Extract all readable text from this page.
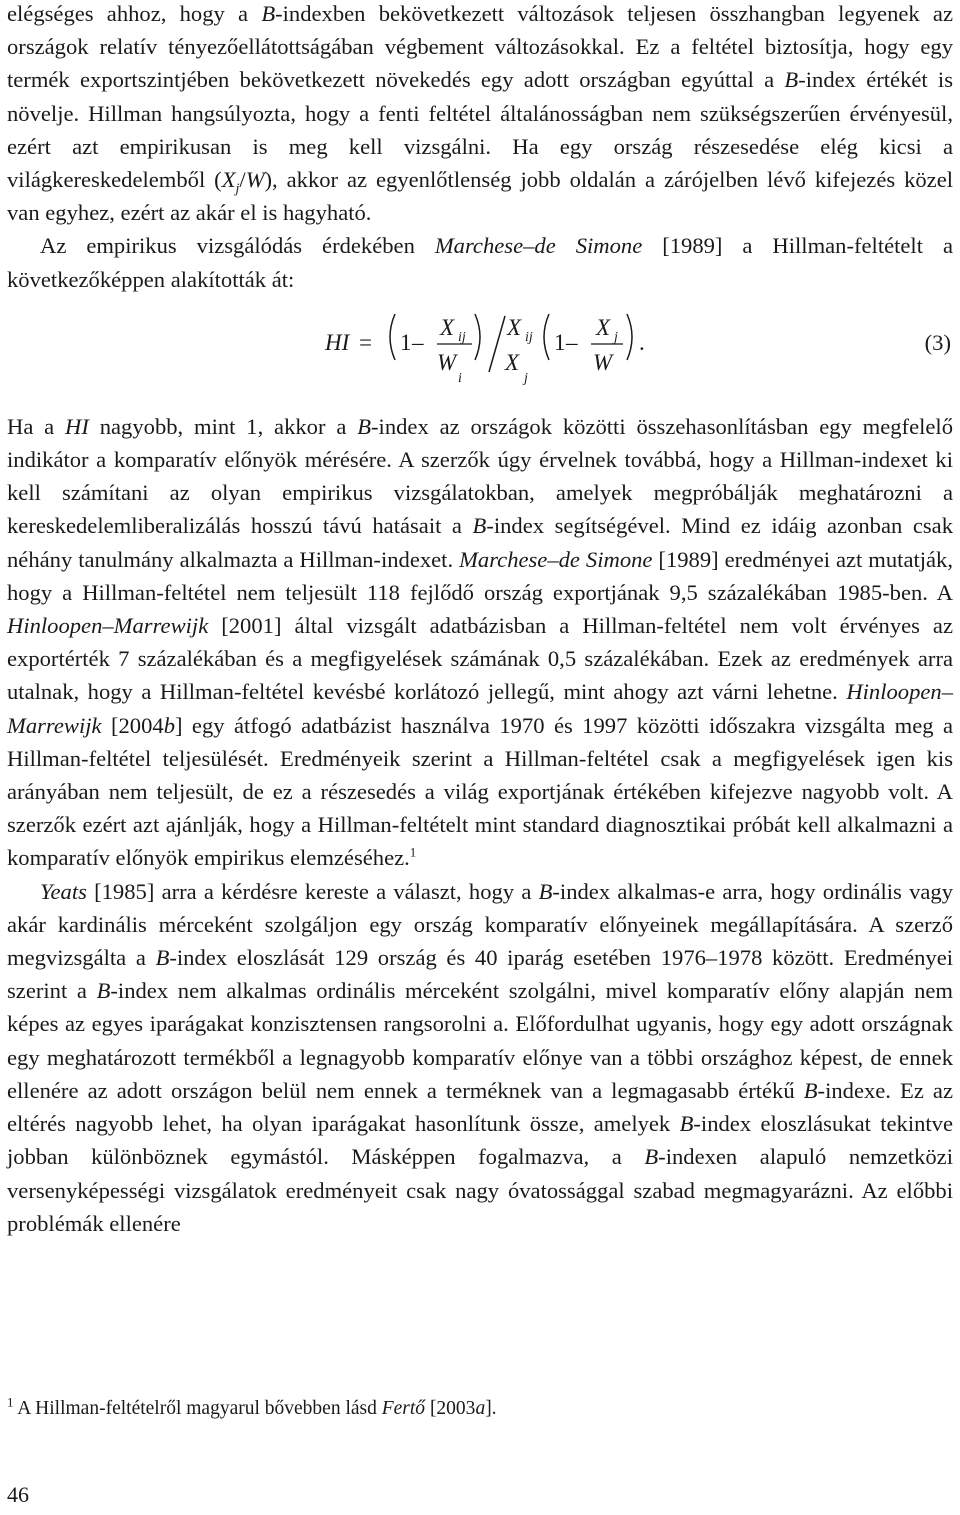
elégséges ahhoz, hogy a B-indexben bekövetkezett változások teljesen összhangban legyenek az országok relatív tényezőellátottságában végbement változásokkal. Ez a feltétel biztosítja, hogy egy termék exportszintjében bekövetkezett növekedés egy adott országban egyúttal a B-index értékét is növelje. Hillman hangsúlyozta, hogy a fenti feltétel általánosságban nem szükségszerűen érvényesül, ezért azt empirikusan is meg kell vizsgálni. Ha egy ország részesedése elég kicsi a világkereskedelemből $(X_j/W)$, akkor az egyenlőtlenség jobb oldalán a zárójelben lévő kifejezés közel van egyhez, ezért az akár el is hagyható.

Az empirikus vizsgálódás érdekében Marchese–de Simone [1989] a Hillman-feltételt a következőképpen alakították át:

HI = 1 –
X ij
W
i
X ij
X
j
1 –
X j
W
.	(3)

Ha a HI nagyobb, mint 1, akkor a B-index az országok közötti összehasonlításban egy megfelelő indikátor a komparatív előnyök mérésére. A szerzők úgy érvelnek továbbá, hogy a Hillman-indexet ki kell számítani az olyan empirikus vizsgálatokban, amelyek megpróbálják meghatározni a kereskedelemliberalizálás hosszú távú hatásait a B-index segítségével. Mind ez idáig azonban csak néhány tanulmány alkalmazta a Hillman-indexet. Marchese–de Simone [1989] eredményei azt mutatják, hogy a Hillman-feltétel nem teljesült 118 fejlődő ország exportjának 9,5 százalékában 1985-ben. A Hinloopen–Marrewijk [2001] által vizsgált adatbázisban a Hillman-feltétel nem volt érvényes az exportérték 7 százalékában és a megfigyelések számának 0,5 százalékában. Ezek az eredmények arra utalnak, hogy a Hillman-feltétel kevésbé korlátozó jellegű, mint ahogy azt várni lehetne. Hinloopen–Marrewijk [2004b] egy átfogó adatbázist használva 1970 és 1997 közötti időszakra vizsgálta meg a Hillman-feltétel teljesülését. Eredményeik szerint a Hillman-feltétel csak a megfigyelések igen kis arányában nem teljesült, de ez a részesedés a világ exportjának értékében kifejezve nagyobb volt. A szerzők ezért azt ajánlják, hogy a Hillman-feltételt mint standard diagnosztikai próbát kell alkalmazni a komparatív előnyök empirikus elemzéséhez.$^1$

Yeats [1985] arra a kérdésre kereste a választ, hogy a B-index alkalmas-e arra, hogy ordinális vagy akár kardinális mérceként szolgáljon egy ország komparatív előnyeinek megállapítására. A szerző megvizsgálta a B-index eloszlását 129 ország és 40 iparág esetében 1976–1978 között. Eredményei szerint a B-index nem alkalmas ordinális mérceként szolgálni, mivel komparatív előny alapján nem képes az egyes iparágakat konzisztensen rangsorolni a. Előfordulhat ugyanis, hogy egy adott országnak egy meghatározott termékből a legnagyobb komparatív előnye van a többi országhoz képest, de ennek ellenére az adott országon belül nem ennek a terméknek van a legmagasabb értékű B-indexe. Ez az eltérés nagyobb lehet, ha olyan iparágakat hasonlítunk össze, amelyek B-index eloszlásukat tekintve jobban különböznek egymástól. Másképpen fogalmazva, a B-indexen alapuló nemzetközi versenyképességi vizsgálatok eredményeit csak nagy óvatossággal szabad megmagyarázni. Az előbbi problémák ellenére

$^1$ A Hillman-feltételről magyarul bővebben lásd Fertő [2003a].
46
